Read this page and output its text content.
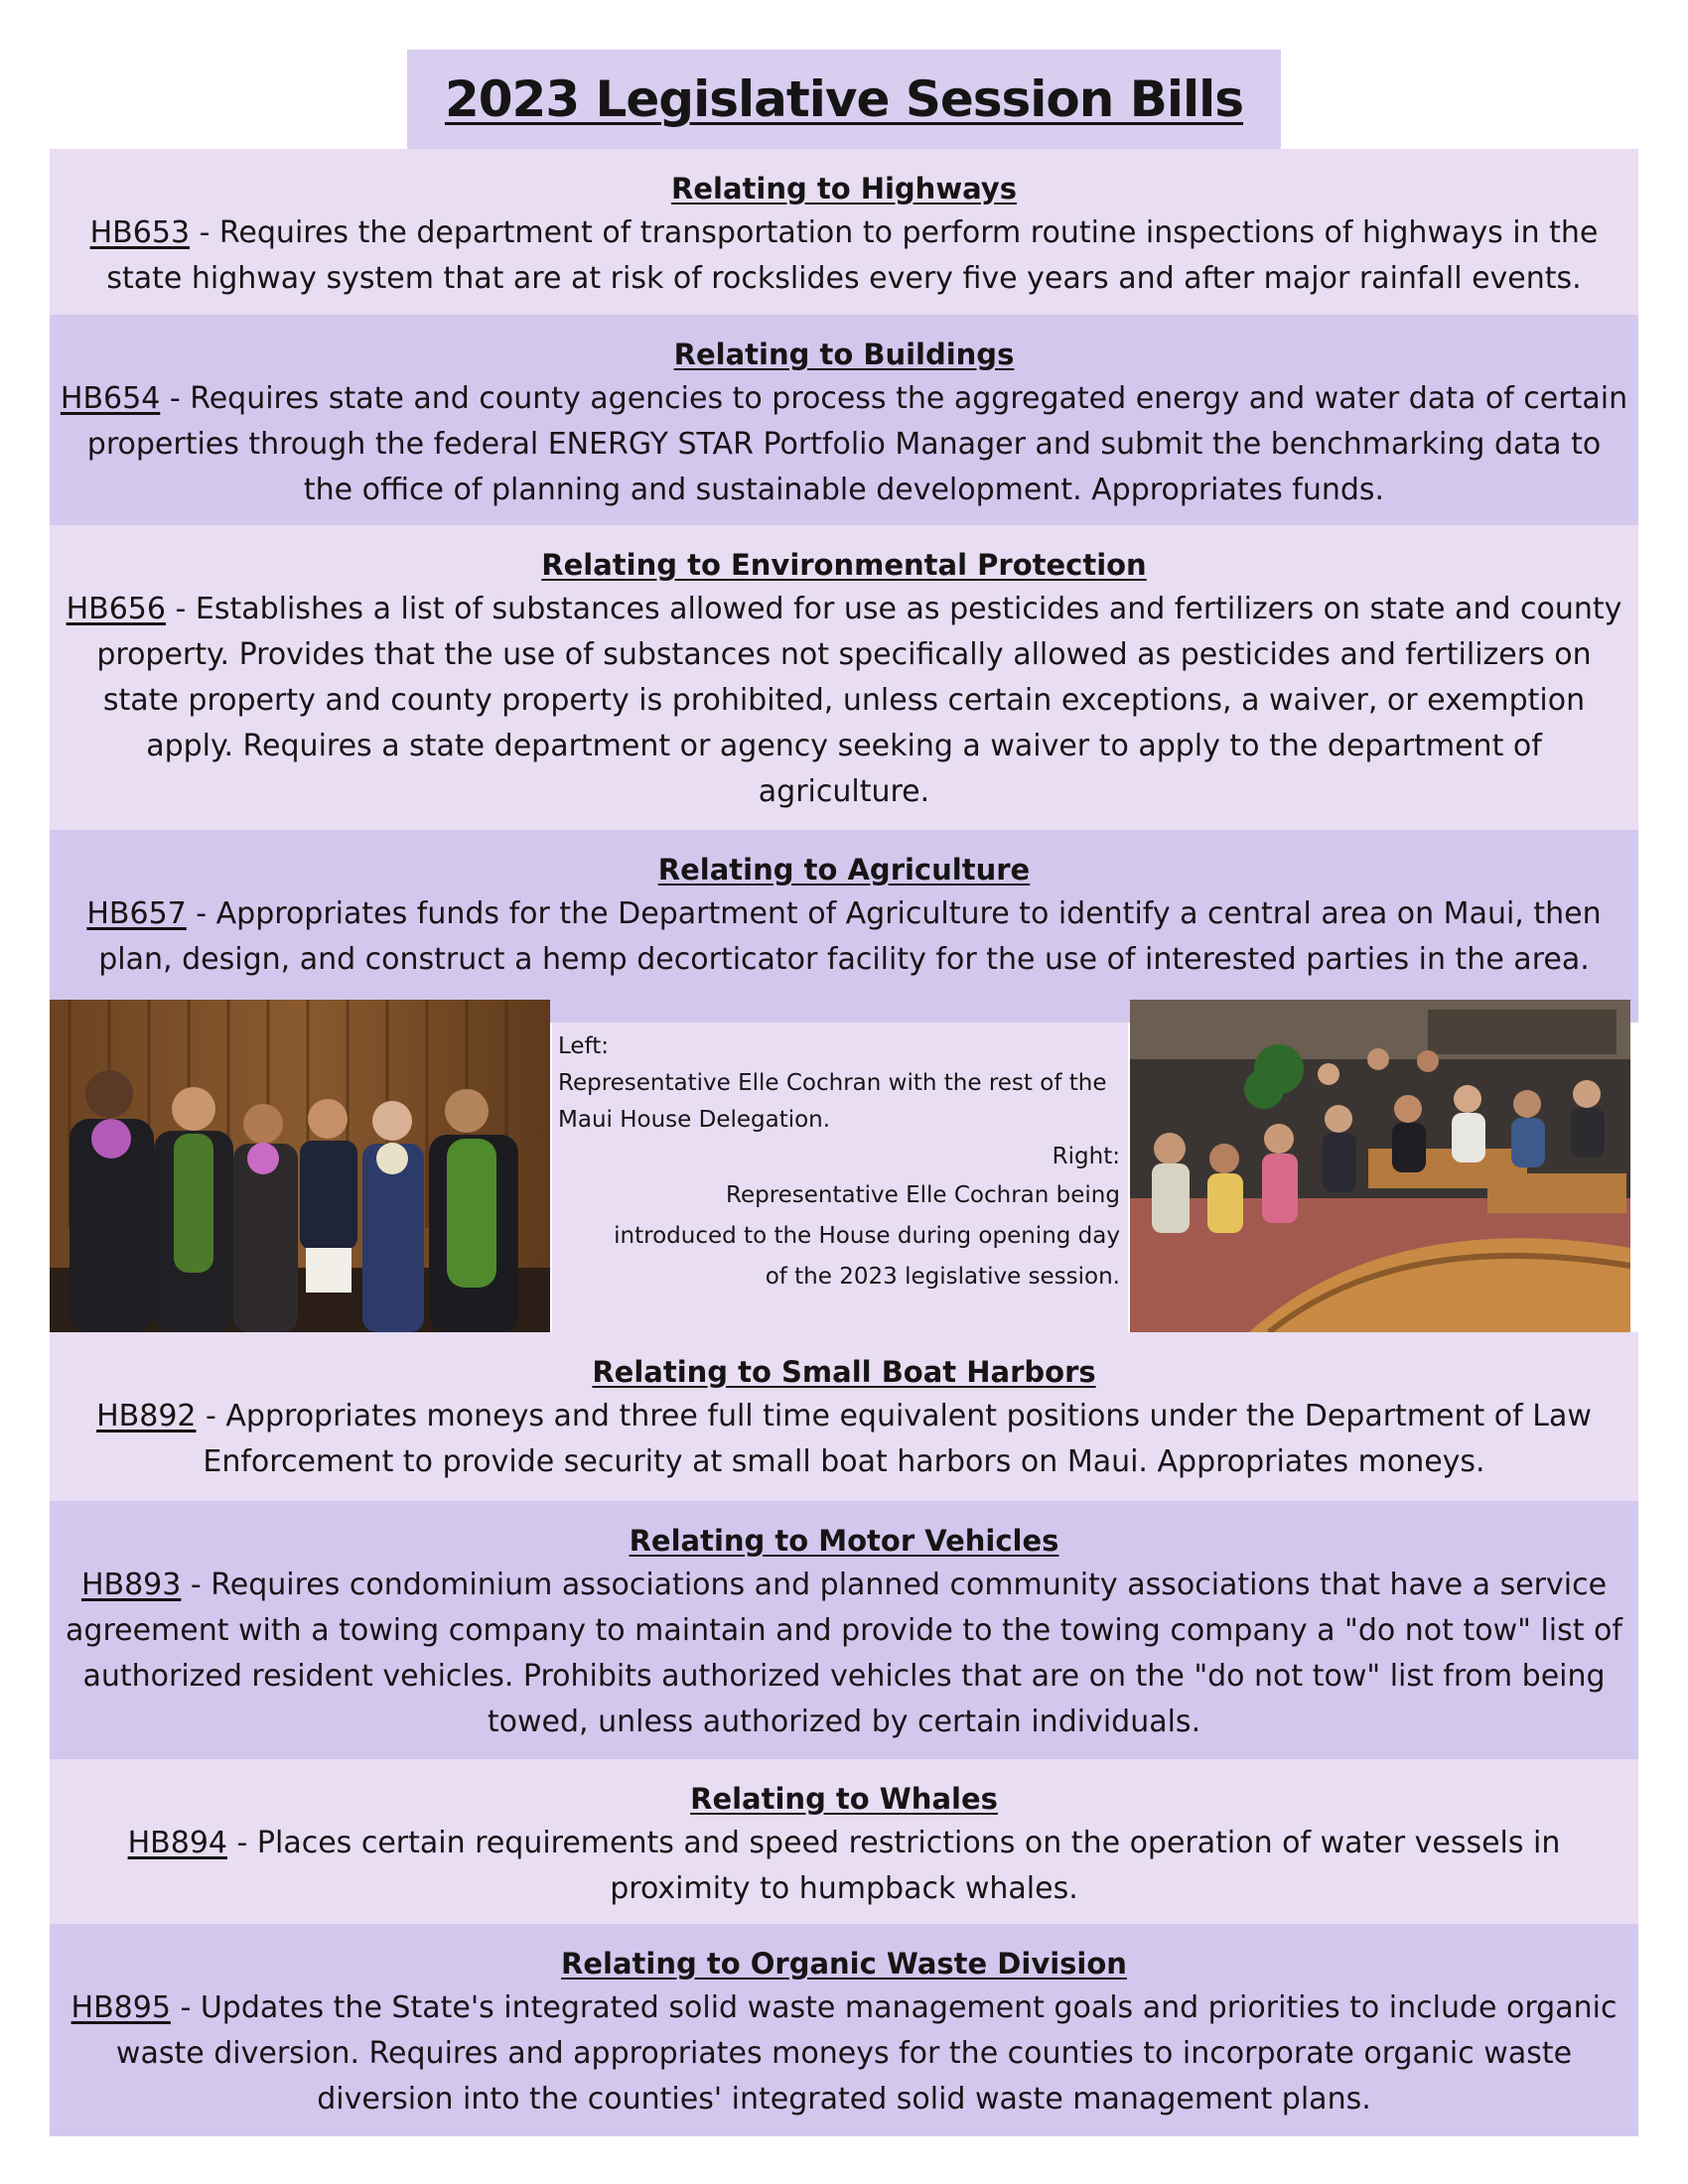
2023 Legislative Session Bills
Relating to Highways

HB653 - Requires the department of transportation to perform routine inspections of highways in the state highway system that are at risk of rockslides every five years and after major rainfall events.

Relating to Buildings

HB654 - Requires state and county agencies to process the aggregated energy and water data of certain properties through the federal ENERGY STAR Portfolio Manager and submit the benchmarking data to the office of planning and sustainable development. Appropriates funds.

Relating to Environmental Protection

HB656 - Establishes a list of substances allowed for use as pesticides and fertilizers on state and county property. Provides that the use of substances not specifically allowed as pesticides and fertilizers on state property and county property is prohibited, unless certain exceptions, a waiver, or exemption apply. Requires a state department or agency seeking a waiver to apply to the department of agriculture.

Relating to Agriculture

HB657 - Appropriates funds for the Department of Agriculture to identify a central area on Maui, then plan, design, and construct a hemp decorticator facility for the use of interested parties in the area.

Left:
Representative Elle Cochran with the rest of the Maui House Delegation.
Right:
Representative Elle Cochran being
introduced to the House during opening day
of the 2023 legislative session.
Relating to Small Boat Harbors

HB892 - Appropriates moneys and three full time equivalent positions under the Department of Law Enforcement to provide security at small boat harbors on Maui. Appropriates moneys.

Relating to Motor Vehicles

HB893 - Requires condominium associations and planned community associations that have a service agreement with a towing company to maintain and provide to the towing company a "do not tow" list of authorized resident vehicles. Prohibits authorized vehicles that are on the "do not tow" list from being towed, unless authorized by certain individuals.

Relating to Whales

HB894 - Places certain requirements and speed restrictions on the operation of water vessels in proximity to humpback whales.

Relating to Organic Waste Division

HB895 - Updates the State's integrated solid waste management goals and priorities to include organic waste diversion. Requires and appropriates moneys for the counties to incorporate organic waste diversion into the counties' integrated solid waste management plans.
